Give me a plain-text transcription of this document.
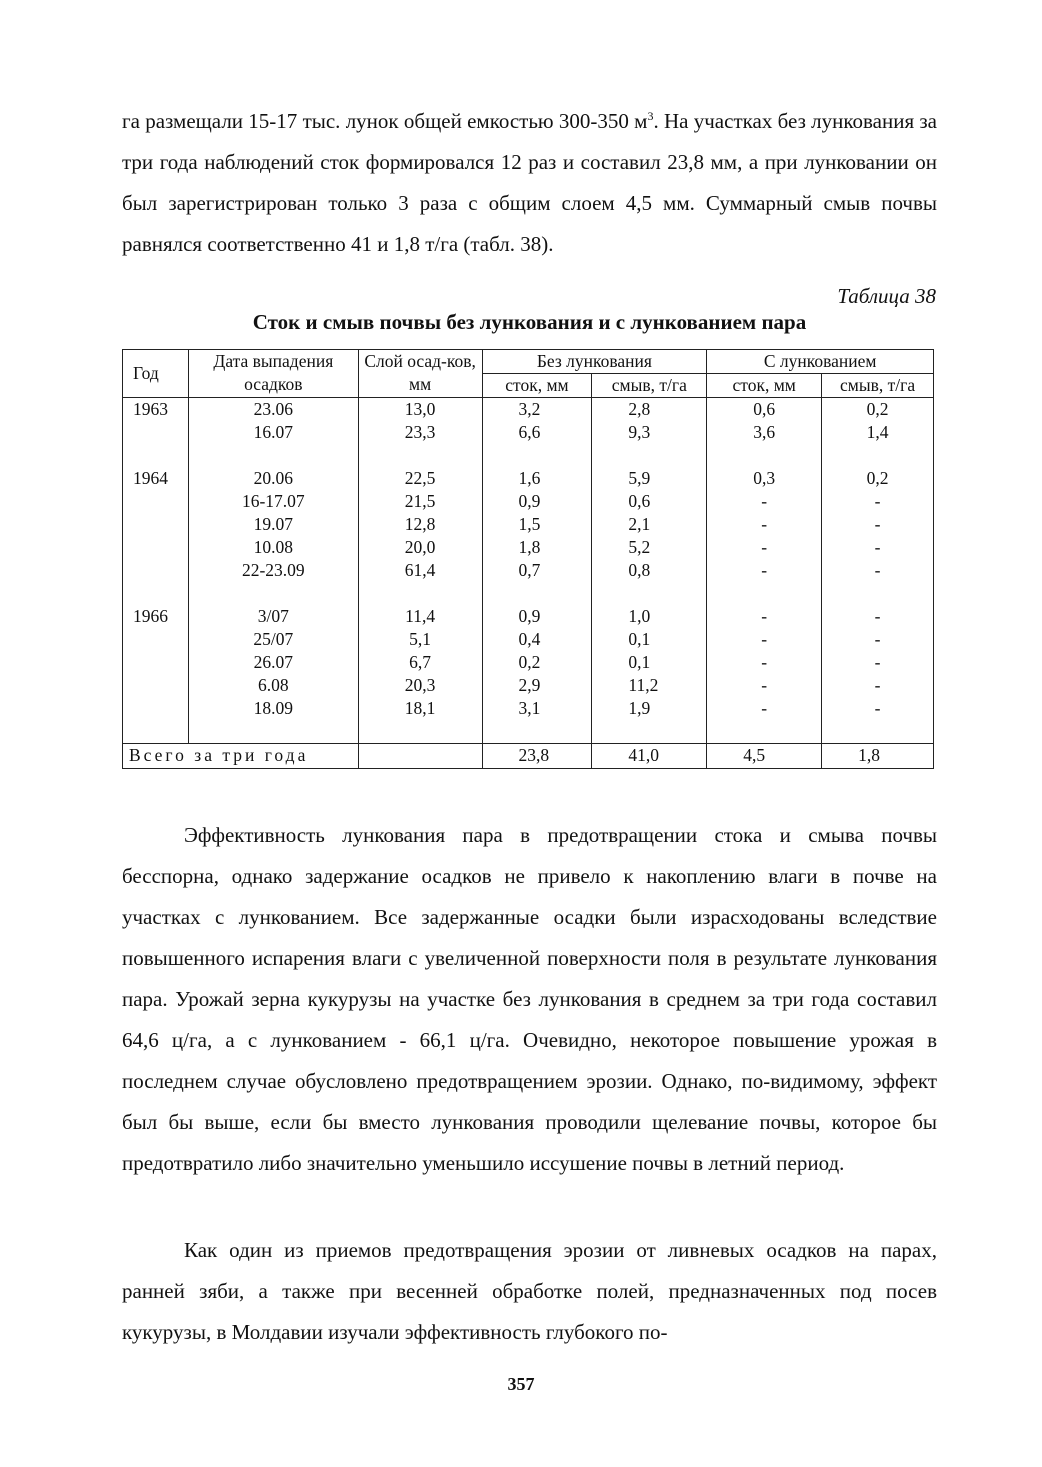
га размещали 15-17 тыс. лунок общей емкостью 300-350 $м^3$. На участках без лункования за три года наблюдений сток формировался 12 раз и составил 23,8 мм, а при лунковании он был зарегистрирован только 3 раза с общим слоем 4,5 мм. Суммарный смыв почвы равнялся соответственно 41 и 1,8 т/га (табл. 38).

Таблица 38
Сток и смыв почвы без лункования и с лункованием пара
Год	Дата выпадения осадков	Слой осад-ков, мм	Без лункования		С лункованием	
			сток, мм	смыв, т/га	сток, мм	смыв, т/га
1963	23.06	13,0	3,2	2,8	0,6	0,2
	16.07	23,3	6,6	9,3	3,6	1,4

1964	20.06	22,5	1,6	5,9	0,3	0,2
	16-17.07	21,5	0,9	0,6	-	-
	19.07	12,8	1,5	2,1	-	-
	10.08	20,0	1,8	5,2	-	-
	22-23.09	61,4	0,7	0,8	-	-

1966	3/07	11,4	0,9	1,0	-	-
	25/07	5,1	0,4	0,1	-	-
	26.07	6,7	0,2	0,1	-	-
	6.08	20,3	2,9	11,2	-	-
	18.09	18,1	3,1	1,9	-	-

Всего за три года			23,8	41,0	4,5	1,8

Эффективность лункования пара в предотвращении стока и смыва почвы бесспорна, однако задержание осадков не привело к накоплению влаги в почве на участках с лункованием. Все задержанные осадки были израсходованы вследствие повышенного испарения влаги с увеличенной поверхности поля в результате лункования пара. Урожай зерна кукурузы на участке без лункования в среднем за три года составил 64,6 ц/га, а с лункованием - 66,1 ц/га. Очевидно, некоторое повышение урожая в последнем случае обусловлено предотвращением эрозии. Однако, по-видимому, эффект был бы выше, если бы вместо лункования проводили щелевание почвы, которое бы предотвратило либо значительно уменьшило иссушение почвы в летний период.

Как один из приемов предотвращения эрозии от ливневых осадков на парах, ранней зяби, а также при весенней обработке полей, предназначенных под посев кукурузы, в Молдавии изучали эффективность глубокого по-

357
